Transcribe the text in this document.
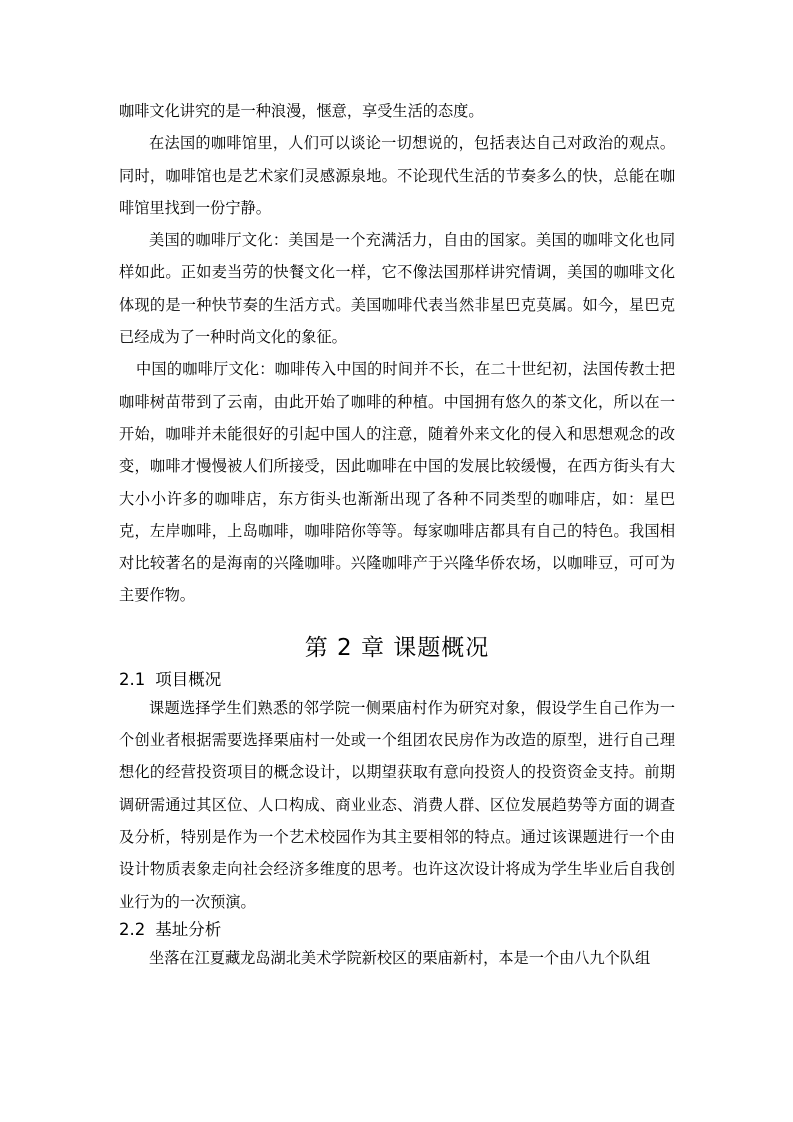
咖啡文化讲究的是一种浪漫，惬意，享受生活的态度。

在法国的咖啡馆里，人们可以谈论一切想说的，包括表达自己对政治的观点。同时，咖啡馆也是艺术家们灵感源泉地。不论现代生活的节奏多么的快，总能在咖啡馆里找到一份宁静。

美国的咖啡厅文化：美国是一个充满活力，自由的国家。美国的咖啡文化也同样如此。正如麦当劳的快餐文化一样，它不像法国那样讲究情调，美国的咖啡文化体现的是一种快节奏的生活方式。美国咖啡代表当然非星巴克莫属。如今，星巴克已经成为了一种时尚文化的象征。

中国的咖啡厅文化：咖啡传入中国的时间并不长，在二十世纪初，法国传教士把咖啡树苗带到了云南，由此开始了咖啡的种植。中国拥有悠久的茶文化，所以在一开始，咖啡并未能很好的引起中国人的注意，随着外来文化的侵入和思想观念的改变，咖啡才慢慢被人们所接受，因此咖啡在中国的发展比较缓慢，在西方街头有大大小小许多的咖啡店，东方街头也渐渐出现了各种不同类型的咖啡店，如：星巴克，左岸咖啡，上岛咖啡，咖啡陪你等等。每家咖啡店都具有自己的特色。我国相对比较著名的是海南的兴隆咖啡。兴隆咖啡产于兴隆华侨农场，以咖啡豆，可可为主要作物。

第 2 章 课题概况
2.1 项目概况

课题选择学生们熟悉的邻学院一侧栗庙村作为研究对象，假设学生自己作为一个创业者根据需要选择栗庙村一处或一个组团农民房作为改造的原型，进行自己理想化的经营投资项目的概念设计，以期望获取有意向投资人的投资资金支持。前期调研需通过其区位、人口构成、商业业态、消费人群、区位发展趋势等方面的调查及分析，特别是作为一个艺术校园作为其主要相邻的特点。通过该课题进行一个由设计物质表象走向社会经济多维度的思考。也许这次设计将成为学生毕业后自我创业行为的一次预演。

2.2 基址分析

坐落在江夏藏龙岛湖北美术学院新校区的栗庙新村，本是一个由八九个队组
